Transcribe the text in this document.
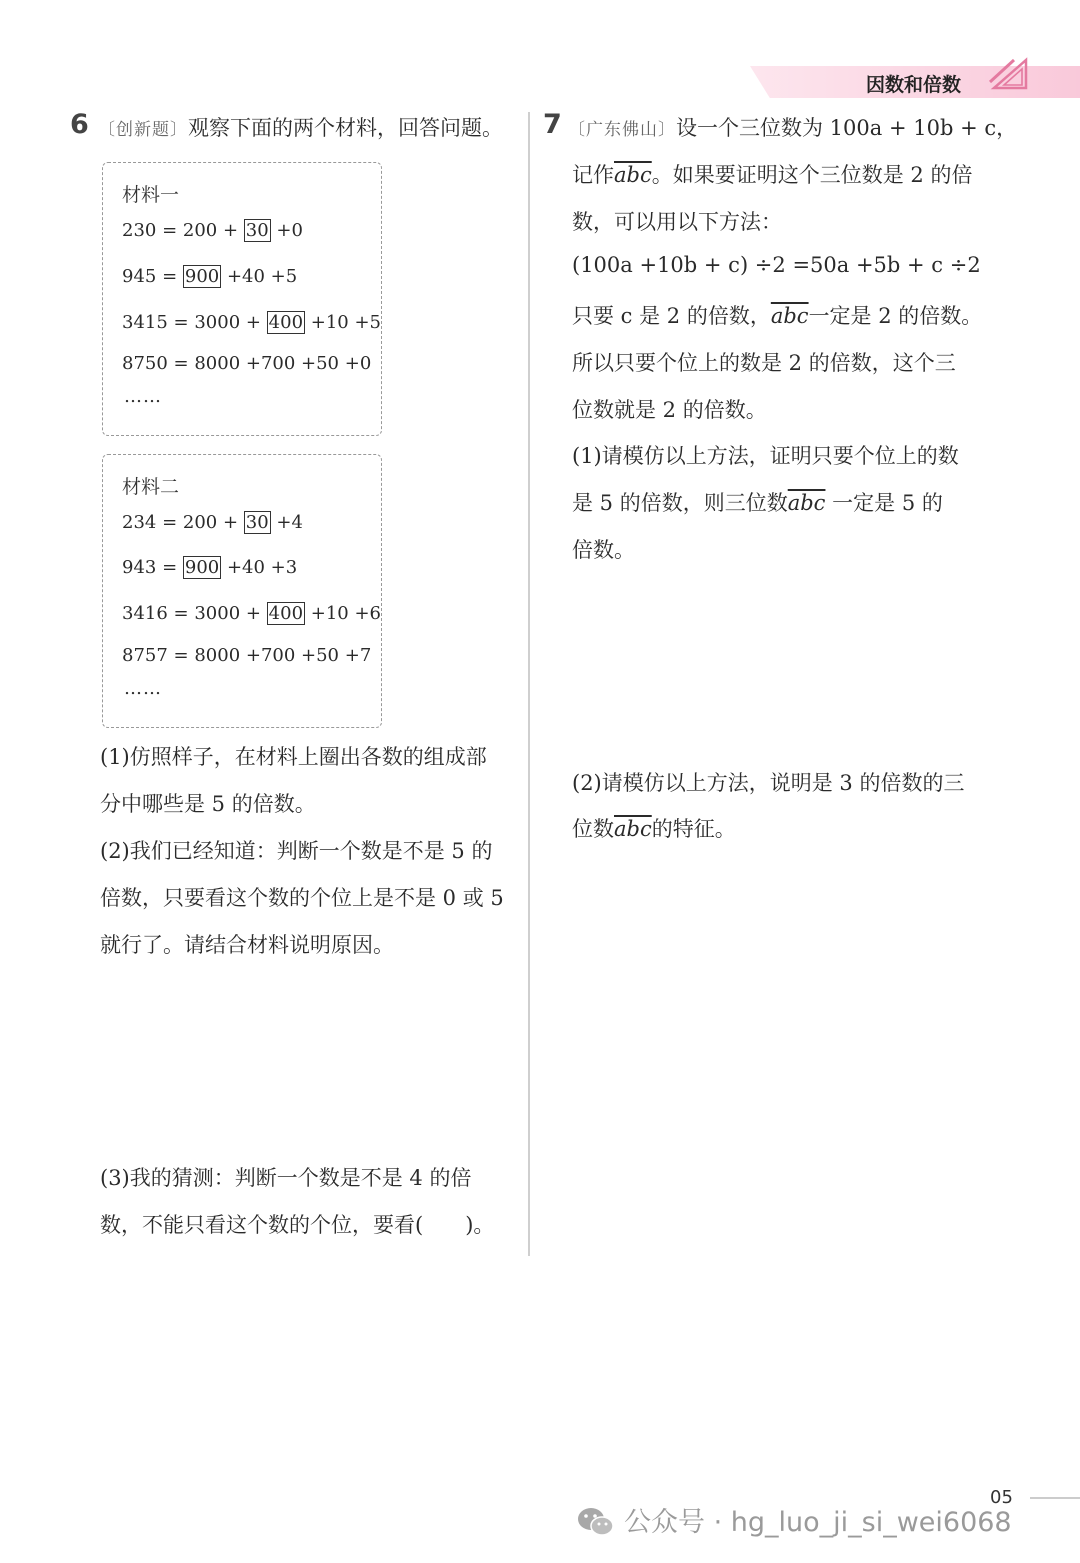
因数和倍数
6 〔创新题〕观察下面的两个材料，回答问题。
材料一
230 = 200 + 30 +0
945 = 900 +40 +5
3415 = 3000 + 400 +10 +5
8750 = 8000 +700 +50 +0
……
材料二
234 = 200 + 30 +4
943 = 900 +40 +3
3416 = 3000 + 400 +10 +6
8757 = 8000 +700 +50 +7
……
(1)仿照样子，在材料上圈出各数的组成部
分中哪些是 5 的倍数。
(2)我们已经知道：判断一个数是不是 5 的
倍数，只要看这个数的个位上是不是 0 或 5
就行了。请结合材料说明原因。
(3)我的猜测：判断一个数是不是 4 的倍
数，不能只看这个数的个位，要看(　　)。
7 〔广东佛山〕设一个三位数为 100a + 10b + c，
记作$\overline{abc}$。如果要证明这个三位数是 2 的倍
数，可以用以下方法：
(100a +10b + c) ÷2 =50a +5b + c ÷2
只要 c 是 2 的倍数，$\overline{abc}$一定是 2 的倍数。
所以只要个位上的数是 2 的倍数，这个三
位数就是 2 的倍数。
(1)请模仿以上方法，证明只要个位上的数
是 5 的倍数，则三位数$\overline{abc}$ 一定是 5 的
倍数。
(2)请模仿以上方法，说明是 3 的倍数的三
位数$\overline{abc}$的特征。
05
公众号 · hg_luo_ji_si_wei6068
